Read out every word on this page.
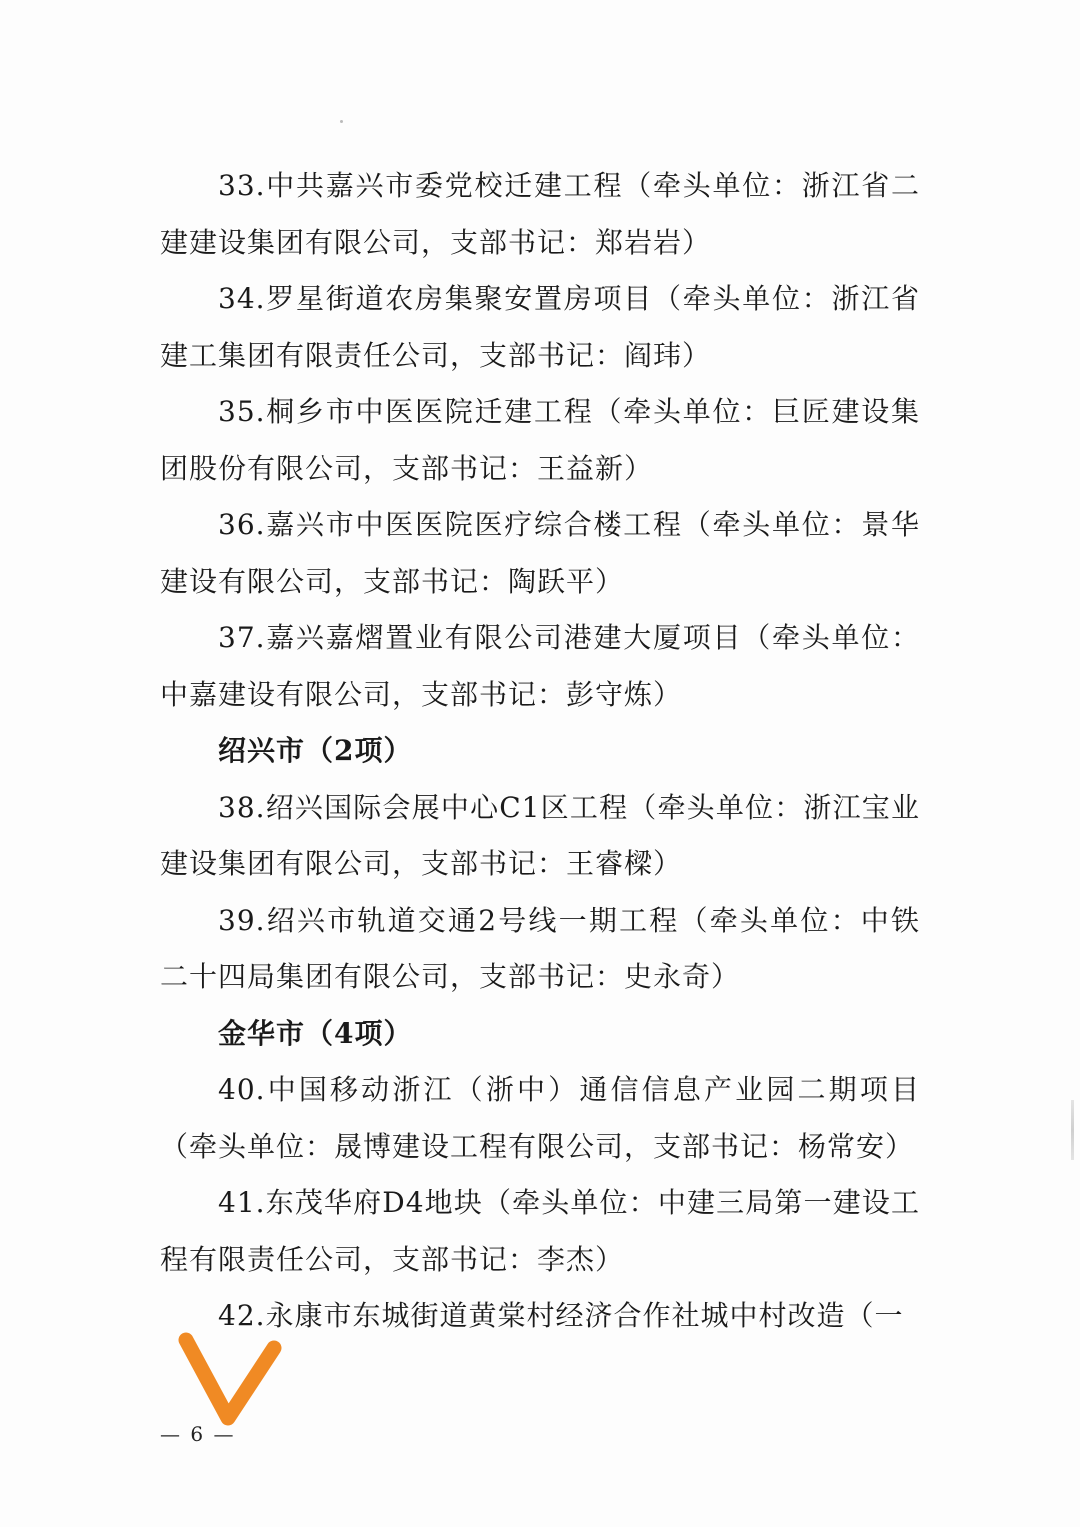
33.中共嘉兴市委党校迁建工程（牵头单位：浙江省二建建设集团有限公司，支部书记：郑岩岩）

34.罗星街道农房集聚安置房项目（牵头单位：浙江省建工集团有限责任公司，支部书记：阎玮）

35.桐乡市中医医院迁建工程（牵头单位：巨匠建设集团股份有限公司，支部书记：王益新）

36.嘉兴市中医医院医疗综合楼工程（牵头单位：景华建设有限公司，支部书记：陶跃平）

37.嘉兴嘉熠置业有限公司港建大厦项目（牵头单位：中嘉建设有限公司，支部书记：彭守炼）

绍兴市（2项）

38.绍兴国际会展中心C1区工程（牵头单位：浙江宝业建设集团有限公司，支部书记：王睿樑）

39.绍兴市轨道交通2号线一期工程（牵头单位：中铁二十四局集团有限公司，支部书记：史永奇）

金华市（4项）

40.中国移动浙江（浙中）通信信息产业园二期项目（牵头单位：晟博建设工程有限公司，支部书记：杨常安）

41.东茂华府D4地块（牵头单位：中建三局第一建设工程有限责任公司，支部书记：李杰）

42.永康市东城街道黄棠村经济合作社城中村改造（一

— 6 —
